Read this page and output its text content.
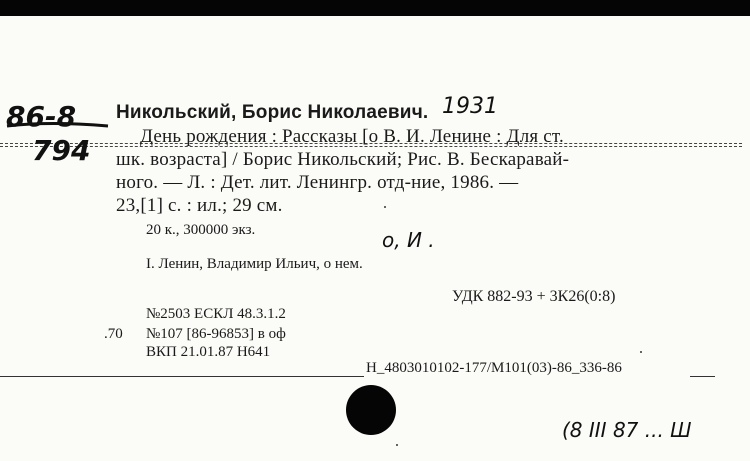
86-8
794
Никольский, Борис Николаевич. 1931
День рождения : Рассказы [о В. И. Ленине : Для ст.
шк. возраста] / Борис Никольский; Рис. В. Бескаравай-
ного. — Л. : Дет. лит. Ленингр. отд-ние, 1986. —
23,[1] с. : ил.; 29 см.
20 к., 300000 экз.	о, И .
I. Ленин, Владимир Ильич, о нем.
УДК 882-93 + 3К26(0:8)
№2503 ЕСКЛ 48.3.1.2
.70 №107 [86-96853] в оф
ВКП 21.01.87 Н641
Н_4803010102-177/М101(03)-86_336-86
(8 III 87 ... Ш
